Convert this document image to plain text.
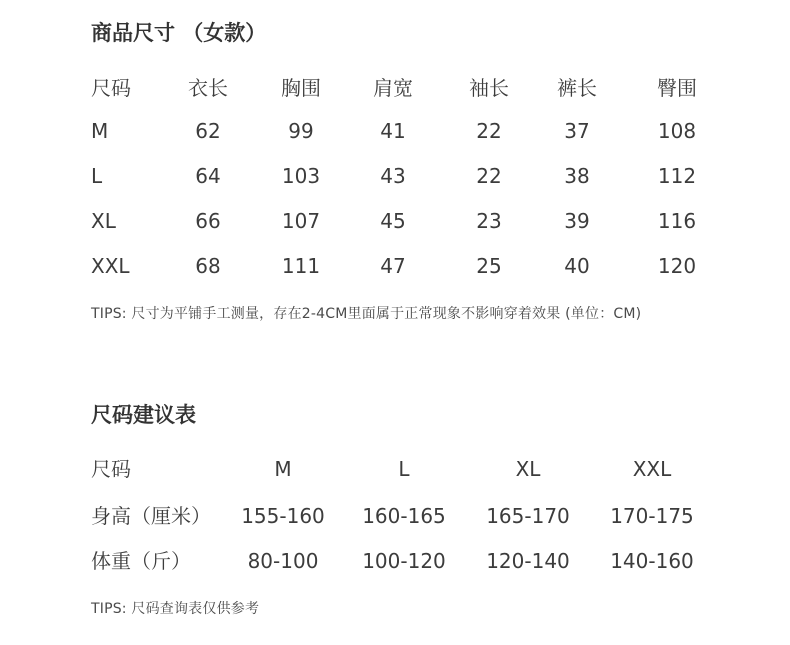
商品尺寸 （女款）
尺码	衣长	胸围	肩宽	袖长	裤长	臀围
M	62	99	41	22	37	108
L	64	103	43	22	38	112
XL	66	107	45	23	39	116
XXL	68	111	47	25	40	120
TIPS: 尺寸为平铺手工测量，存在2-4CM里面属于正常现象不影响穿着效果 (单位：CM)
尺码建议表
尺码	M	L	XL	XXL
身高（厘米）	155-160 160-165 165-170 170-175
体重（斤）	80-100	100-120 120-140 140-160
TIPS: 尺码查询表仅供参考
